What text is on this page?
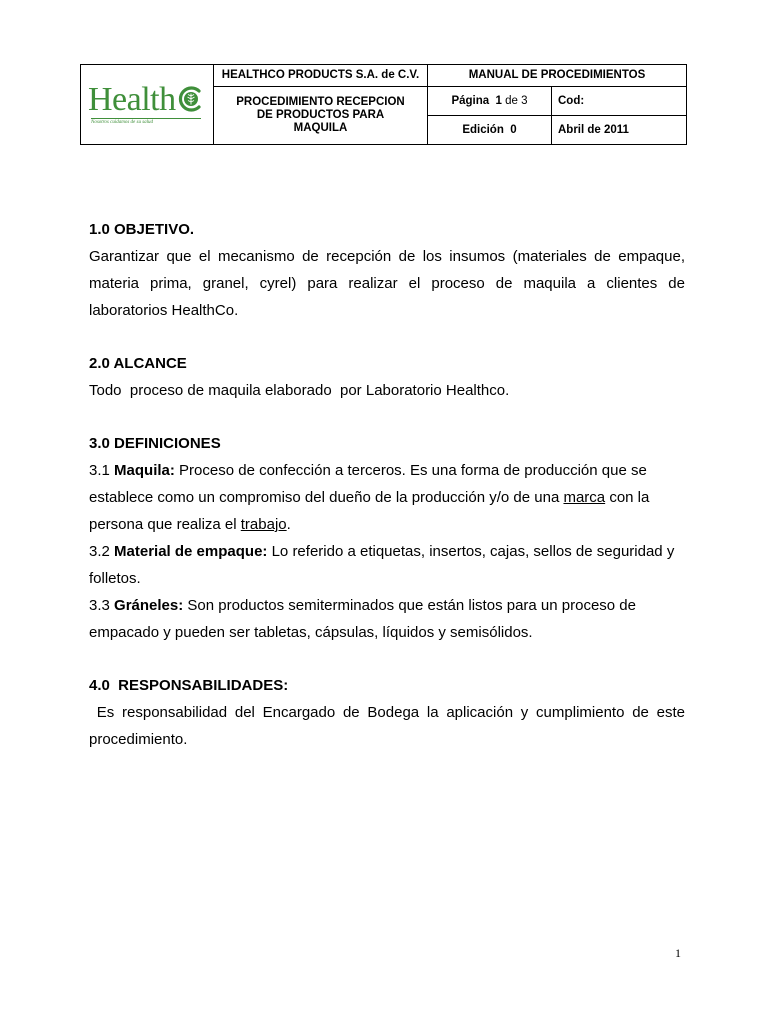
Health
Nosotros cuidamos de su salud	HEALTHCO PRODUCTS S.A. de C.V.	MANUAL DE PROCEDIMIENTOS	
	PROCEDIMIENTO RECEPCION
DE PRODUCTOS PARA
MAQUILA	Página 1 de 3	Cod:
		Edición 0	Abril de 2011

1.0 OBJETIVO.

Garantizar que el mecanismo de recepción de los insumos (materiales de empaque, materia prima, granel, cyrel) para realizar el proceso de maquila a clientes de laboratorios HealthCo.

2.0 ALCANCE

Todo  proceso de maquila elaborado  por Laboratorio Healthco.

3.0 DEFINICIONES

3.1 Maquila: Proceso de confección a terceros. Es una forma de producción que se establece como un compromiso del dueño de la producción y/o de una marca con la persona que realiza el trabajo.

3.2 Material de empaque: Lo referido a etiquetas, insertos, cajas, sellos de seguridad y folletos.

3.3 Gráneles: Son productos semiterminados que están listos para un proceso de empacado y pueden ser tabletas, cápsulas, líquidos y semisólidos.

4.0  RESPONSABILIDADES:

Es responsabilidad del Encargado de Bodega la aplicación y cumplimiento de este procedimiento.

1
